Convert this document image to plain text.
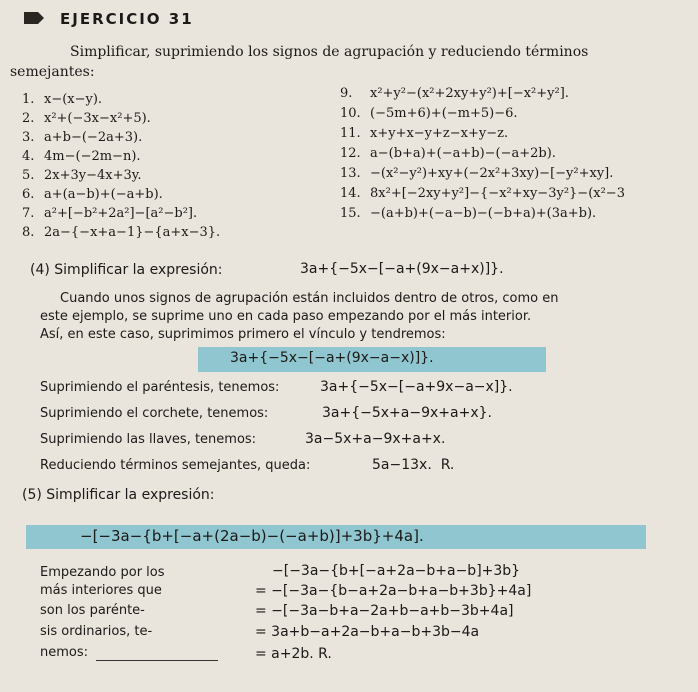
EJERCICIO 31
Simplificar, suprimiendo los signos de agrupación y reduciendo términos
semejantes:
1. x−(x−y).
2. x²+(−3x−x²+5).
3. a+b−(−2a+3).
4. 4m−(−2m−n).
5. 2x+3y−4x+3y.
6. a+(a−b)+(−a+b).
7. a²+[−b²+2a²]−[a²−b²].
8. 2a−{−x+a−1}−{a+x−3}.
9. x²+y²−(x²+2xy+y²)+[−x²+y²].
10. (−5m+6)+(−m+5)−6.
11. x+y+x−y+z−x+y−z.
12. a−(b+a)+(−a+b)−(−a+2b).
13. −(x²−y²)+xy+(−2x²+3xy)−[−y²+xy].
14. 8x²+[−2xy+y²]−{−x²+xy−3y²}−(x²−3
15. −(a+b)+(−a−b)−(−b+a)+(3a+b).
(4) Simplificar la expresión:	3a+{−5x−[−a+(9x−a+x)]}.
Cuando unos signos de agrupación están incluidos dentro de otros, como en
este ejemplo, se suprime uno en cada paso empezando por el más interior.
Así, en este caso, suprimimos primero el vínculo y tendremos:
3a+{−5x−[−a+(9x−a−x)]}.
Suprimiendo el paréntesis, tenemos:	3a+{−5x−[−a+9x−a−x]}.
Suprimiendo el corchete, tenemos:	3a+{−5x+a−9x+a+x}.
Suprimiendo las llaves, tenemos:	3a−5x+a−9x+a+x.
Reduciendo términos semejantes, queda:	5a−13x. R.
(5) Simplificar la expresión:
−[−3a−{b+[−a+(2a−b)−(−a+b)]+3b}+4a].
Empezando por los
más interiores que
son los parénte-
sis ordinarios, te-
nemos:
−[−3a−{b+[−a+2a−b+a−b]+3b}
= −[−3a−{b−a+2a−b+a−b+3b}+4a]
= −[−3a−b+a−2a+b−a+b−3b+4a]
= 3a+b−a+2a−b+a−b+3b−4a
= a+2b. R.
